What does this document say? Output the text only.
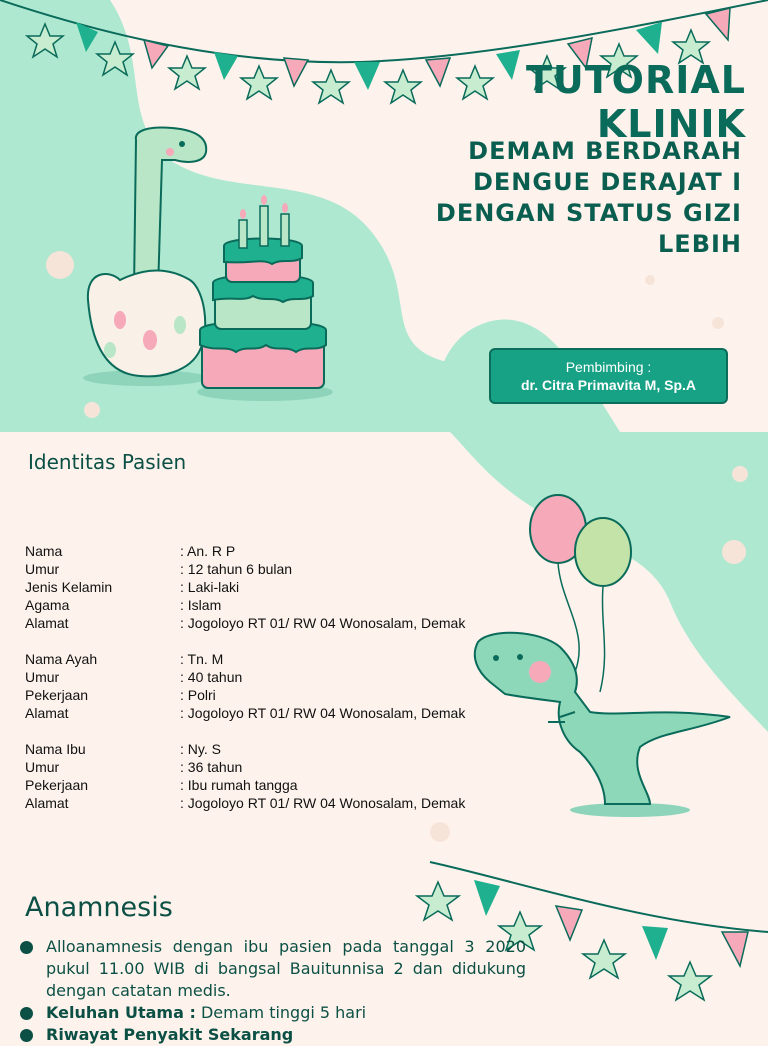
TUTORIAL KLINIK
DEMAM BERDARAH
DENGUE DERAJAT I
DENGAN STATUS GIZI
LEBIH
Pembimbing :
dr. Citra Primavita M, Sp.A
Identitas Pasien
Nama	: An. R P
Umur	: 12 tahun 6 bulan
Jenis Kelamin	: Laki-laki
Agama	: Islam
Alamat	: Jogoloyo RT 01/ RW 04 Wonosalam, Demak
Nama Ayah	: Tn. M
Umur	: 40 tahun
Pekerjaan	: Polri
Alamat	: Jogoloyo RT 01/ RW 04 Wonosalam, Demak
Nama Ibu	: Ny. S
Umur	: 36 tahun
Pekerjaan	: Ibu rumah tangga
Alamat	: Jogoloyo RT 01/ RW 04 Wonosalam, Demak
Anamnesis
Alloanamnesis dengan ibu pasien pada tanggal 3 2020 pukul 11.00 WIB di bangsal Bauitunnisa 2 dan didukung dengan catatan medis.
Keluhan Utama : Demam tinggi 5 hari
Riwayat Penyakit Sekarang
